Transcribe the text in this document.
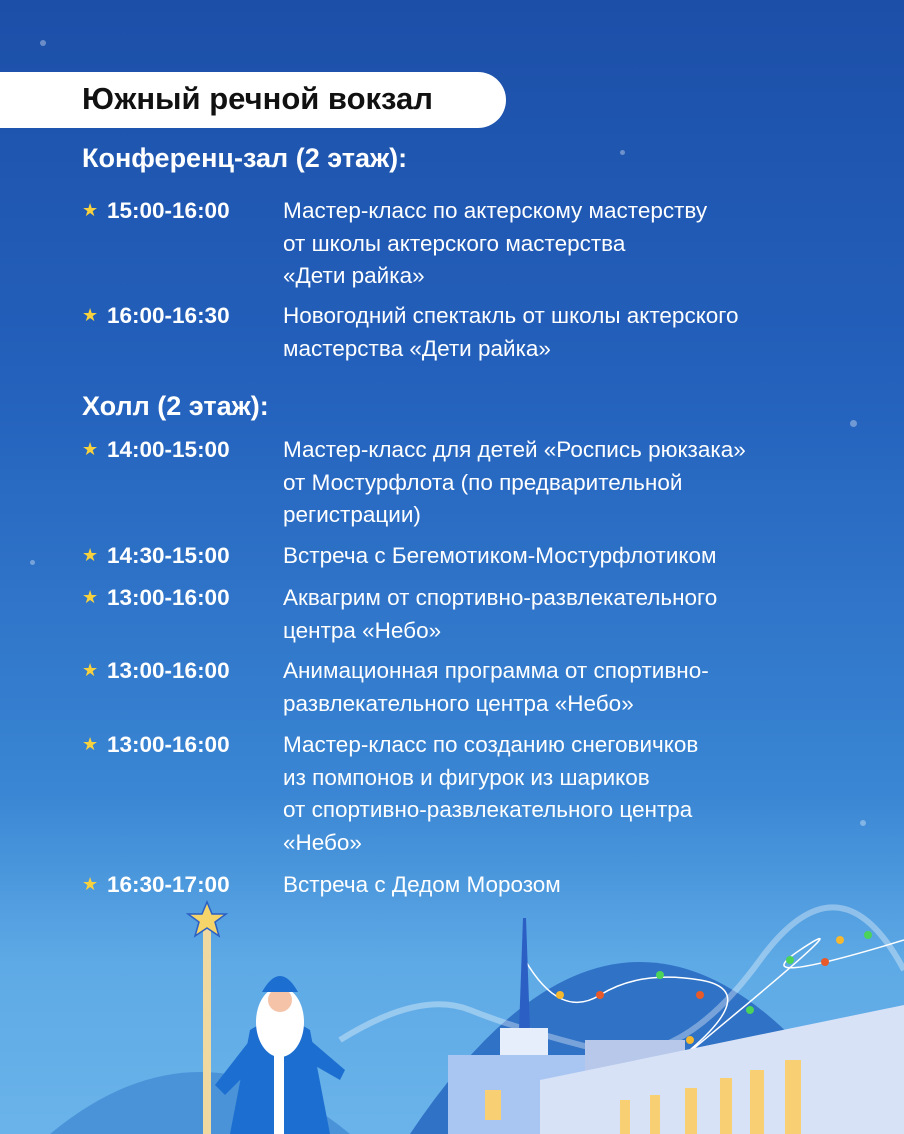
Южный речной вокзал
Конференц-зал (2 этаж):
★ 15:00-16:00 Мастер-класс по актерскому мастерству
от школы актерского мастерства
«Дети райка»
★ 16:00-16:30 Новогодний спектакль от школы актерского
мастерства «Дети райка»
Холл (2 этаж):
★ 14:00-15:00 Мастер-класс для детей «Роспись рюкзака»
от Мостурфлота (по предварительной
регистрации)
★ 14:30-15:00 Встреча с Бегемотиком-Мостурфлотиком
★ 13:00-16:00 Аквагрим от спортивно-развлекательного
центра «Небо»
★ 13:00-16:00 Анимационная программа от спортивно-
развлекательного центра «Небо»
★ 13:00-16:00 Мастер-класс по созданию снеговичков
из помпонов и фигурок из шариков
от спортивно-развлекательного центра
«Небо»
★ 16:30-17:00 Встреча с Дедом Морозом
